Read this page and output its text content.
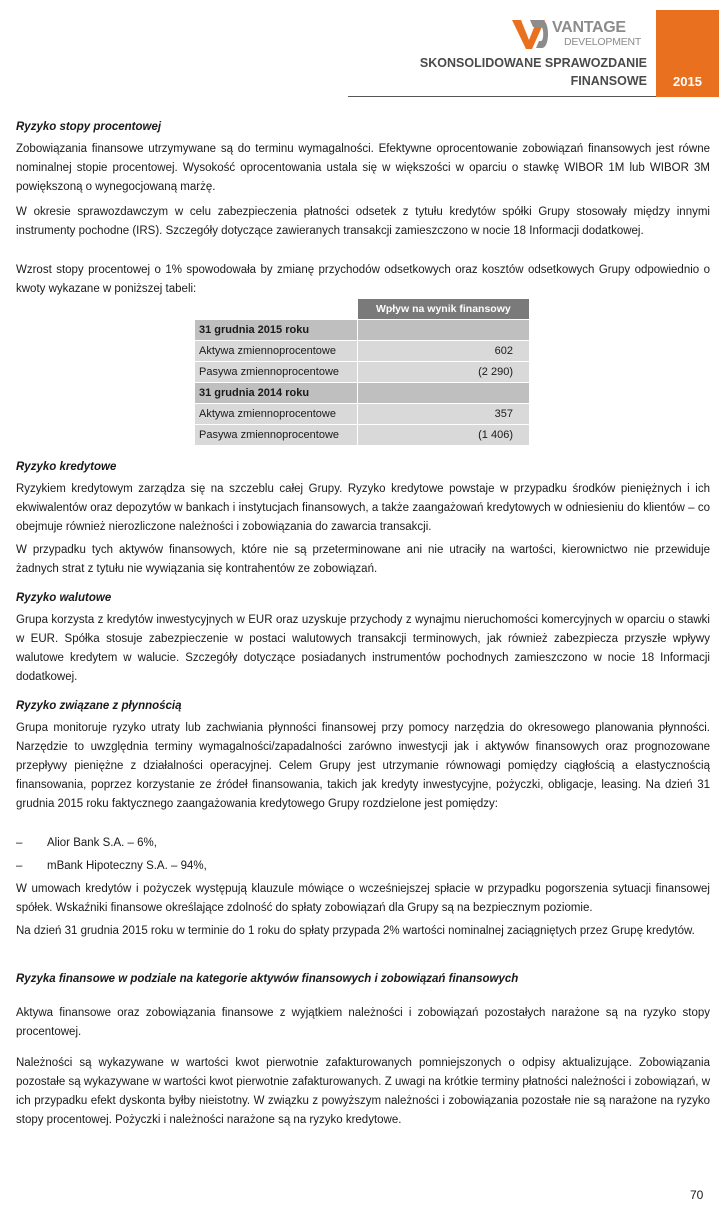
VANTAGE
DEVELOPMENT
SKONSOLIDOWANE SPRAWOZDANIE
FINANSOWE	2015
Ryzyko stopy procentowej
Zobowiązania finansowe utrzymywane są do terminu wymagalności. Efektywne oprocentowanie zobowiązań finansowych jest równe nominalnej stopie procentowej. Wysokość oprocentowania ustala się w większości w oparciu o stawkę WIBOR 1M lub WIBOR 3M powiększoną o wynegocjowaną marżę.
W okresie sprawozdawczym w celu zabezpieczenia płatności odsetek z tytułu kredytów spółki Grupy stosowały między innymi instrumenty pochodne (IRS). Szczegóły dotyczące zawieranych transakcji zamieszczono w nocie 18 Informacji dodatkowej.
Wzrost stopy procentowej o 1% spowodowała by zmianę przychodów odsetkowych oraz kosztów odsetkowych Grupy odpowiednio o kwoty wykazane w poniższej tabeli:
	Wpływ na wynik finansowy
31 grudnia 2015 roku	
Aktywa zmiennoprocentowe	602
Pasywa zmiennoprocentowe	(2 290)
31 grudnia 2014 roku	
Aktywa zmiennoprocentowe	357
Pasywa zmiennoprocentowe	(1 406)
Ryzyko kredytowe
Ryzykiem kredytowym zarządza się na szczeblu całej Grupy. Ryzyko kredytowe powstaje w przypadku środków pieniężnych i ich ekwiwalentów oraz depozytów w bankach i instytucjach finansowych, a także zaangażowań kredytowych w odniesieniu do klientów – co obejmuje również nierozliczone należności i zobowiązania do zawarcia transakcji.
W przypadku tych aktywów finansowych, które nie są przeterminowane ani nie utraciły na wartości, kierownictwo nie przewiduje żadnych strat z tytułu nie wywiązania się kontrahentów ze zobowiązań.
Ryzyko walutowe
Grupa korzysta z kredytów inwestycyjnych w EUR oraz uzyskuje przychody z wynajmu nieruchomości komercyjnych w oparciu o stawki w EUR. Spółka stosuje zabezpieczenie w postaci walutowych transakcji terminowych, jak również zabezpiecza przyszłe wpływy walutowe kredytem w walucie. Szczegóły dotyczące posiadanych instrumentów pochodnych zamieszczono w nocie 18 Informacji dodatkowej.
Ryzyko związane z płynnością
Grupa monitoruje ryzyko utraty lub zachwiania płynności finansowej przy pomocy narzędzia do okresowego planowania płynności. Narzędzie to uwzględnia terminy wymagalności/zapadalności zarówno inwestycji jak i aktywów finansowych oraz prognozowane przepływy pieniężne z działalności operacyjnej. Celem Grupy jest utrzymanie równowagi pomiędzy ciągłością a elastycznością finansowania, poprzez korzystanie ze źródeł finansowania, takich jak kredyty inwestycyjne, pożyczki, obligacje, leasing. Na dzień 31 grudnia 2015 roku faktycznego zaangażowania kredytowego Grupy rozdzielone jest pomiędzy:
– Alior Bank S.A. – 6%,
– mBank Hipoteczny S.A. – 94%,
W umowach kredytów i pożyczek występują klauzule mówiące o wcześniejszej spłacie w przypadku pogorszenia sytuacji finansowej spółek. Wskaźniki finansowe określające zdolność do spłaty zobowiązań dla Grupy są na bezpiecznym poziomie.
Na dzień 31 grudnia 2015 roku w terminie do 1 roku do spłaty przypada 2% wartości nominalnej zaciągniętych przez Grupę kredytów.
Ryzyka finansowe w podziale na kategorie aktywów finansowych i zobowiązań finansowych
Aktywa finansowe oraz zobowiązania finansowe z wyjątkiem należności i zobowiązań pozostałych narażone są na ryzyko stopy procentowej.
Należności są wykazywane w wartości kwot pierwotnie zafakturowanych pomniejszonych o odpisy aktualizujące. Zobowiązania pozostałe są wykazywane w wartości kwot pierwotnie zafakturowanych. Z uwagi na krótkie terminy płatności należności i zobowiązań, w ich przypadku efekt dyskonta byłby nieistotny. W związku z powyższym należności i zobowiązania pozostałe nie są narażone na ryzyko stopy procentowej. Pożyczki i należności narażone są na ryzyko kredytowe.
70
